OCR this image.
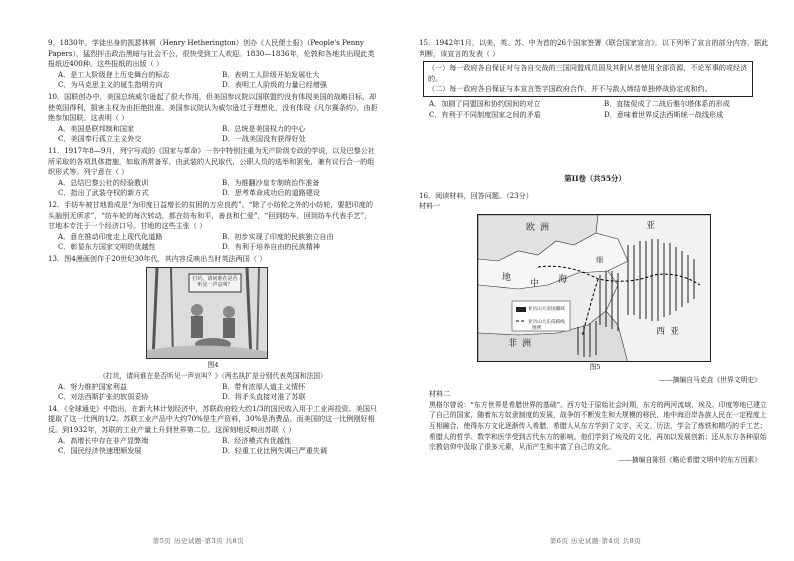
9．1830年，学徒出身的凯瑟林顿（Henry Hetherington）创办《人民便士报》（People's Penny Papers），猛烈抨击政治黑暗与社会不公，很快受到工人欢迎。1830—1836年，伦敦和各地共出现此类报纸近400种。这些报纸的出版（ ）
A．是工人阶级登上历史舞台的标志	B．表明工人阶级开始发展壮大
C．为马克思主义的诞生指明方向	D．表明工人阶级的力量已经增强
10．国联创办中，美国总统威尔逊起了很大作用，但美国参议院以国联盟约没有体现美国的战略目标，却使英国得利，损害主权为由拒绝批准。美国参议院认为威尔逊过于理想化，没有体现《凡尔赛条约》，由拒绝参加国联。这表明（ ）
A．美国是联邦制和国家	B．总统是美国权力的中心
C．美国奉行孤立主义外交	D．一战美国没有获得好处
11．1917年8—9月，列宁写成的《国家与革命》一书中特别注重为无产阶级专政的学说，以及巴黎公社所采取的各项具体措施，如取消常备军，由武装的人民取代，公职人员的选举和罢免，兼有议行合一的组织形式等。列宁意在（ ）
A．总结巴黎公社的经验教训	B．为推翻沙皇专制统治作准备
C．指出了武装夺权的新方式	D．思考革命成功后的道路建设
12．手纺车被甘地看成是“为印度日益增长的贫困的万应良药”。“除了小纺轮之外的小纺轮，要把印度的头脑别无所求”，“纺车轮的每次转动，都在纺布和平，善良和仁爱”，“回到纺车，回到纺车代表手艺”，甘地本专注于一个经济口号。甘地的这些主张（ ）
A．意在推动印度走上现代化道路	B．初步实现了印度的民族独立自由
C．彰显东方国家文明的优越性	D．有利于培养自由的民族精神
13．图4漫画创作于20世纪30年代，其内容反映出当时英法两国（ ）
打坑，请问谁在是否听见一声哀叫？
图4
《打坑，请问谁在是否听见一声哀叫？》（两名执扩是分别代表英国和法国）
A．努力维护国家利益	B．带有浓厚人道主义情怀
C．对法西斯扩张的软弱妥协	D．将矛头直接对准了苏联
14．《全球通史》中指出，在新大林计划经济中，苏联政府较大约1/3的国民收入用于工业再投资。美国只提取了这一比例的1/2。苏联工业产品中大约70%是生产资料，30%是消费品，而美国的这一比例刚好相反。到1932年，苏联的工业产量上升到世界第二位。这深刻地反映出苏联（ ）
A．高增长中存在非产显弊端	B．经济模式有优越性
C．国民经济快速理顺发展	D．轻重工业比例失调已严重失调
第5页 历史试题·第3页 共8页
15．1942年1月，以美、英、苏、中为首的26个国家签署《联合国家宣言》，以下列举了宣言的部分内容，据此判断，该宣言的发表（ ）
（一）每一政府各自保证对与各自交战的三国同盟成员国及其附从者使用全部资源，不论军事的或经济的。
（二）每一政府各自保证与本宣言签字国政府合作，并不与敌人缔结单独停战协定或和约。
A．加剧了同盟国和协约国间的对立	B．直接促成了二战后雅尔塔体系的形成
C．有利于不同制度国家之间的矛盾	D．意味着世界反法西斯统一战线形成
第II卷（共55分）
16．阅读材料，回答问题。（23分）
材料一
欧 洲	亚
细
地
中 海
非 洲
西 亚
亚历山大帝国疆域
亚历山大东侵路线
图例
图5
——摘编自马克垚《世界文明史》
材料二
黑格尔曾说：“东方世界是希腊世界的基础”。西方处于原始社会时期，东方的两河流域、埃及、印度等地已建立了自己的国家，随着东方奴隶制度的发展，战争的不断发生和大规模的移民，地中海沿岸各族人民在一定程度上互相融合，使得东方文化逐渐传入希腊，希腊人从东方学到了文字、天文、历法，学会了炼铁和精巧的手工艺；希腊人的哲学、数学和医学受到古代东方的影响。他们学到了埃及的文化，再加以发展创新；还从东方各种原始宗教信仰中汲取了很多元素，从而产生和丰富了自己的文化。
——摘编自陈恒《略论希腊文明中的东方因素》
第6页 历史试题·第4页 共8页
